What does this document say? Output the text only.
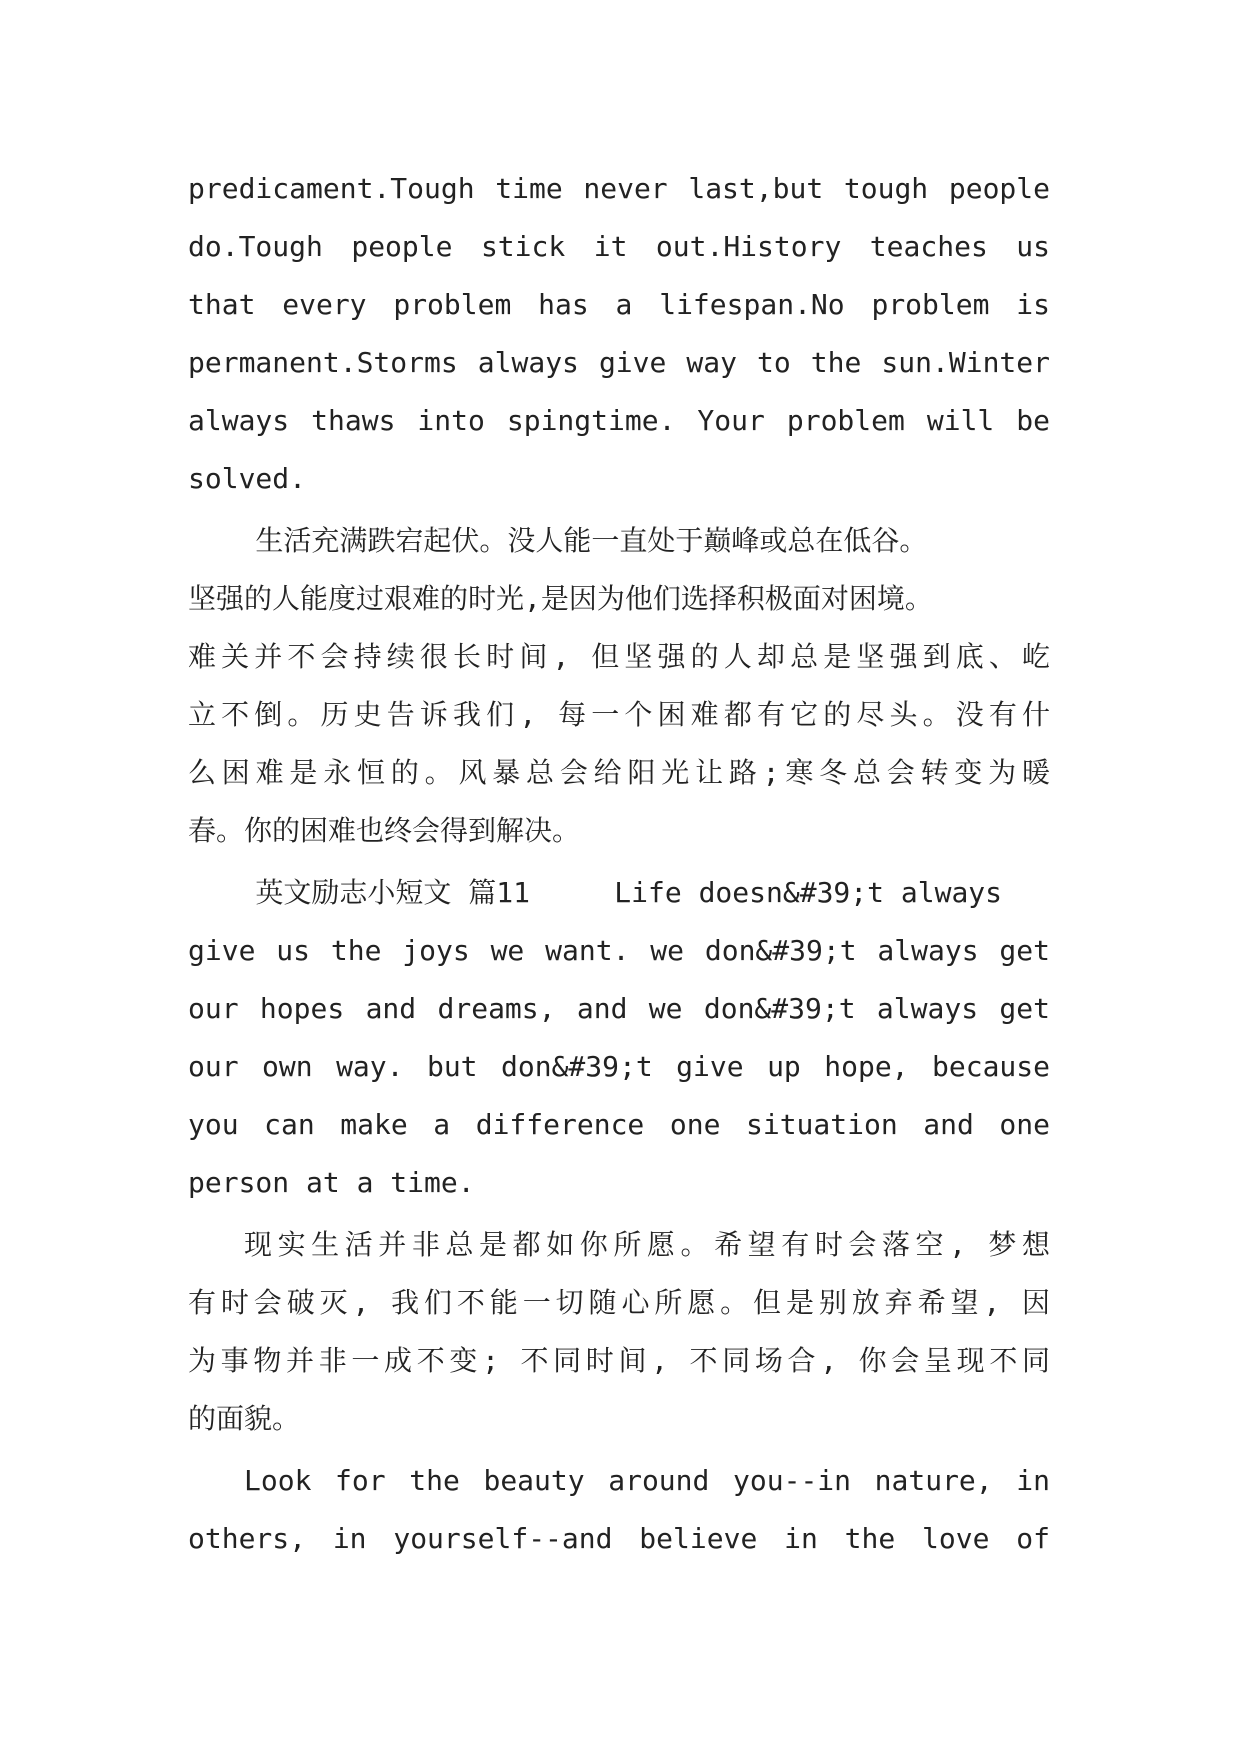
predicament.Tough time never last,but tough people
do.Tough people stick it out.History teaches us
that every problem has a lifespan.No problem is
permanent.Storms always give way to the sun.Winter
always thaws into spingtime. Your problem will be
solved.
生活充满跌宕起伏。没人能一直处于巅峰或总在低谷。
坚强的人能度过艰难的时光,是因为他们选择积极面对困境。
难关并不会持续很长时间, 但坚强的人却总是坚强到底、屹
立不倒。历史告诉我们, 每一个困难都有它的尽头。没有什
么困难是永恒的。风暴总会给阳光让路;寒冬总会转变为暖
春。你的困难也终会得到解决。
英文励志小短文 篇11     Life doesn&#39;t always
give us the joys we want. we don&#39;t always get
our hopes and dreams, and we don&#39;t always get
our own way. but don&#39;t give up hope, because
you can make a difference one situation and one
person at a time.
现实生活并非总是都如你所愿。希望有时会落空, 梦想
有时会破灭, 我们不能一切随心所愿。但是别放弃希望, 因
为事物并非一成不变; 不同时间, 不同场合, 你会呈现不同
的面貌。
Look for the beauty around you--in nature, in
others, in yourself--and believe in the love of
